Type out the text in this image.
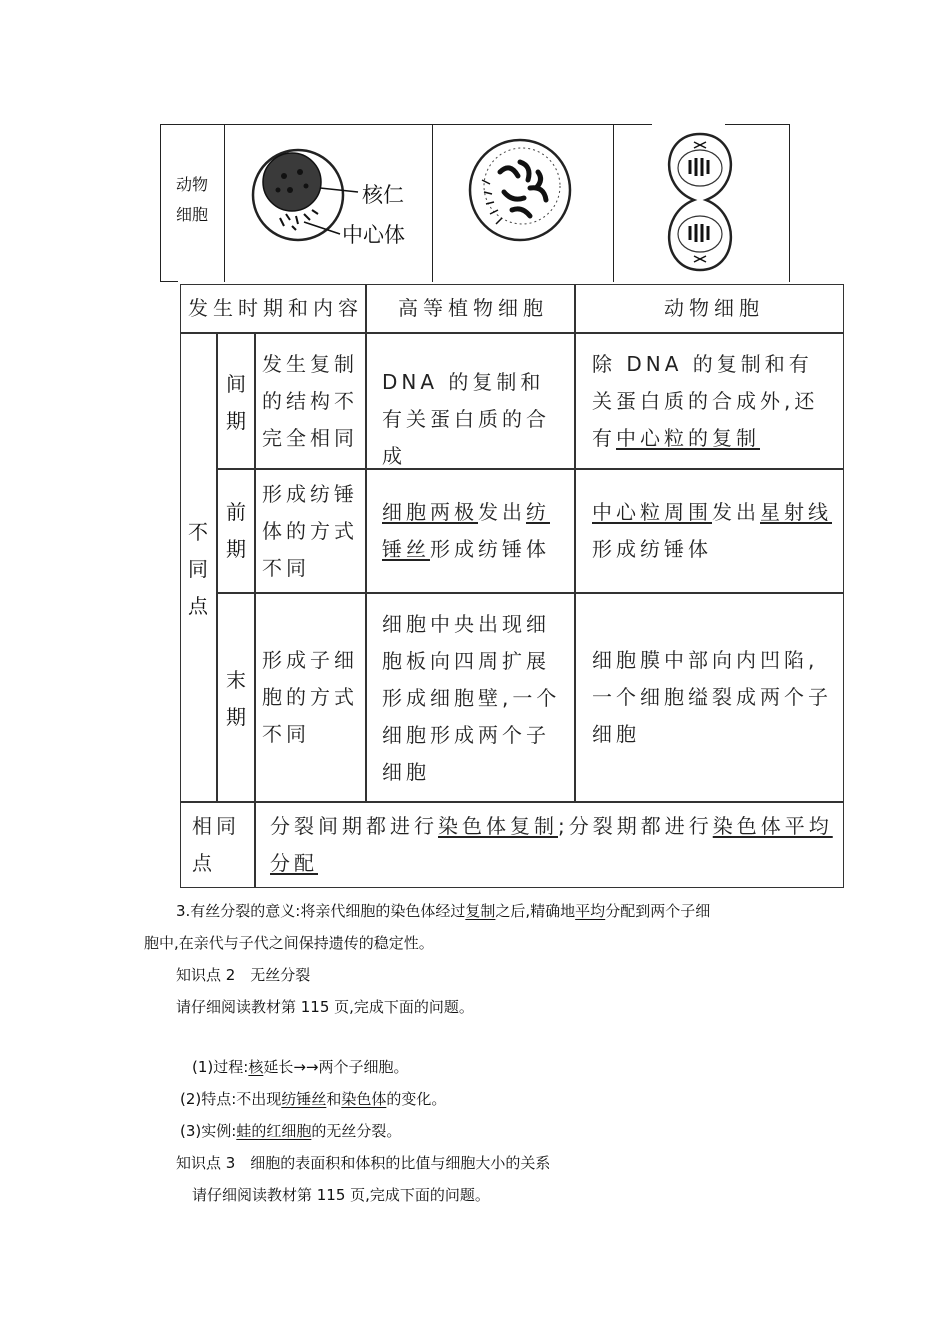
动物
细胞
核仁
中心体
发生时期和内容 高等植物细胞	动物细胞
不
同
点
间
期
发生复制的结构不完全相同
DNA 的复制和有关蛋白质的合成
除 DNA 的复制和有关蛋白质的合成外,还有中心粒的复制
前
期
形成纺锤体的方式不同
细胞两极发出纺锤丝形成纺锤体
中心粒周围发出星射线形成纺锤体
末
期
形成子细胞的方式不同
细胞中央出现细胞板向四周扩展形成细胞壁,一个细胞形成两个子细胞
细胞膜中部向内凹陷,一个细胞缢裂成两个子细胞
相同点
分裂间期都进行染色体复制;分裂期都进行染色体平均分配
3.有丝分裂的意义:将亲代细胞的染色体经过复制之后,精确地平均分配到两个子细
胞中,在亲代与子代之间保持遗传的稳定性。
知识点 2　无丝分裂
请仔细阅读教材第 115 页,完成下面的问题。
(1)过程:核延长→→两个子细胞。
(2)特点:不出现纺锤丝和染色体的变化。
(3)实例:蛙的红细胞的无丝分裂。
知识点 3　细胞的表面积和体积的比值与细胞大小的关系
请仔细阅读教材第 115 页,完成下面的问题。
